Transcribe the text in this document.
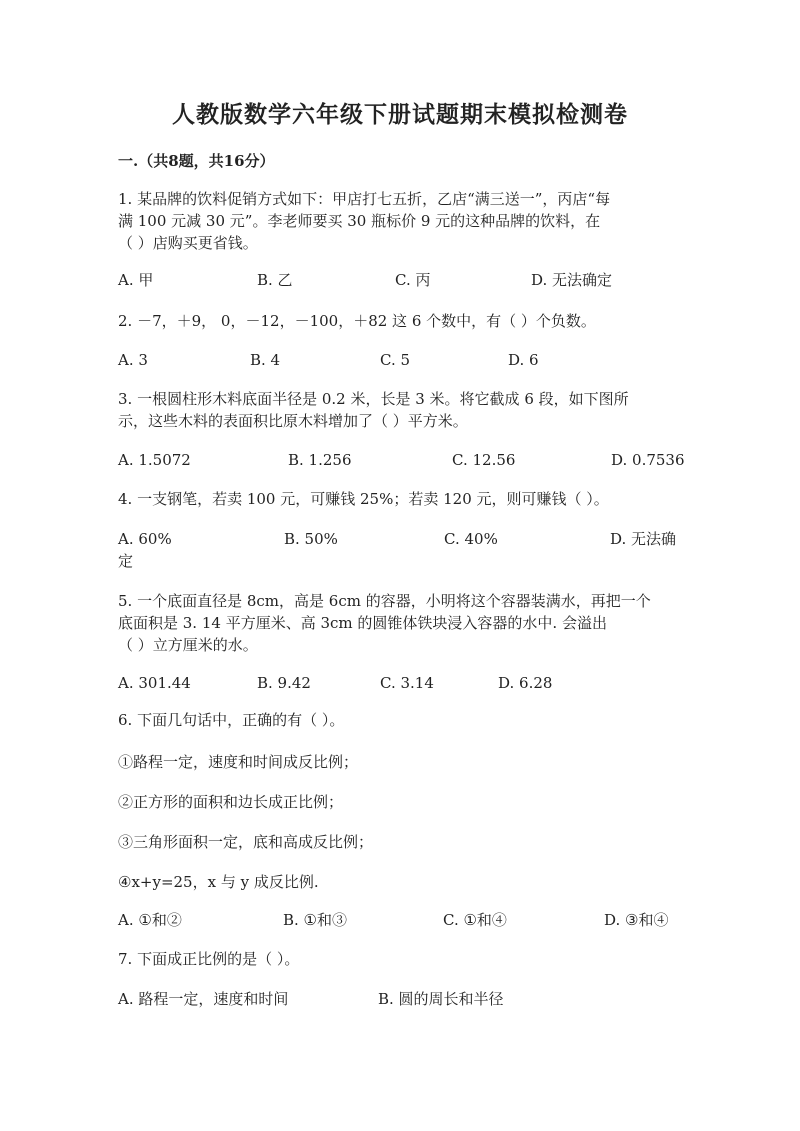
人教版数学六年级下册试题期末模拟检测卷
一.（共8题，共16分）
1. 某品牌的饮料促销方式如下：甲店打七五折，乙店“满三送一”，丙店“每
满 100 元减 30 元”。李老师要买 30 瓶标价 9 元的这种品牌的饮料，在
（ ）店购买更省钱。
A. 甲	B. 乙	C. 丙	D. 无法确定
2. －7，＋9， 0，－12，－100，＋82 这 6 个数中，有（ ）个负数。
A. 3	B. 4	C. 5	D. 6
3. 一根圆柱形木料底面半径是 0.2 米，长是 3 米。将它截成 6 段，如下图所
示，这些木料的表面积比原木料增加了（ ）平方米。
A. 1.5072	B. 1.256	C. 12.56	D. 0.7536
4. 一支钢笔，若卖 100 元，可赚钱 25%；若卖 120 元，则可赚钱（ ）。
A. 60%	B. 50%	C. 40%	D. 无法确
定
5. 一个底面直径是 8cm，高是 6cm 的容器，小明将这个容器装满水，再把一个
底面积是 3. 14 平方厘米、高 3cm 的圆锥体铁块浸入容器的水中. 会溢出
（ ）立方厘米的水。
A. 301.44	B. 9.42	C. 3.14	D. 6.28
6. 下面几句话中，正确的有（ ）。
①路程一定，速度和时间成反比例；
②正方形的面积和边长成正比例；
③三角形面积一定，底和高成反比例；
④x+y=25，x 与 y 成反比例.
A. ①和②	B. ①和③	C. ①和④	D. ③和④
7. 下面成正比例的是（ ）。
A. 路程一定，速度和时间	B. 圆的周长和半径
